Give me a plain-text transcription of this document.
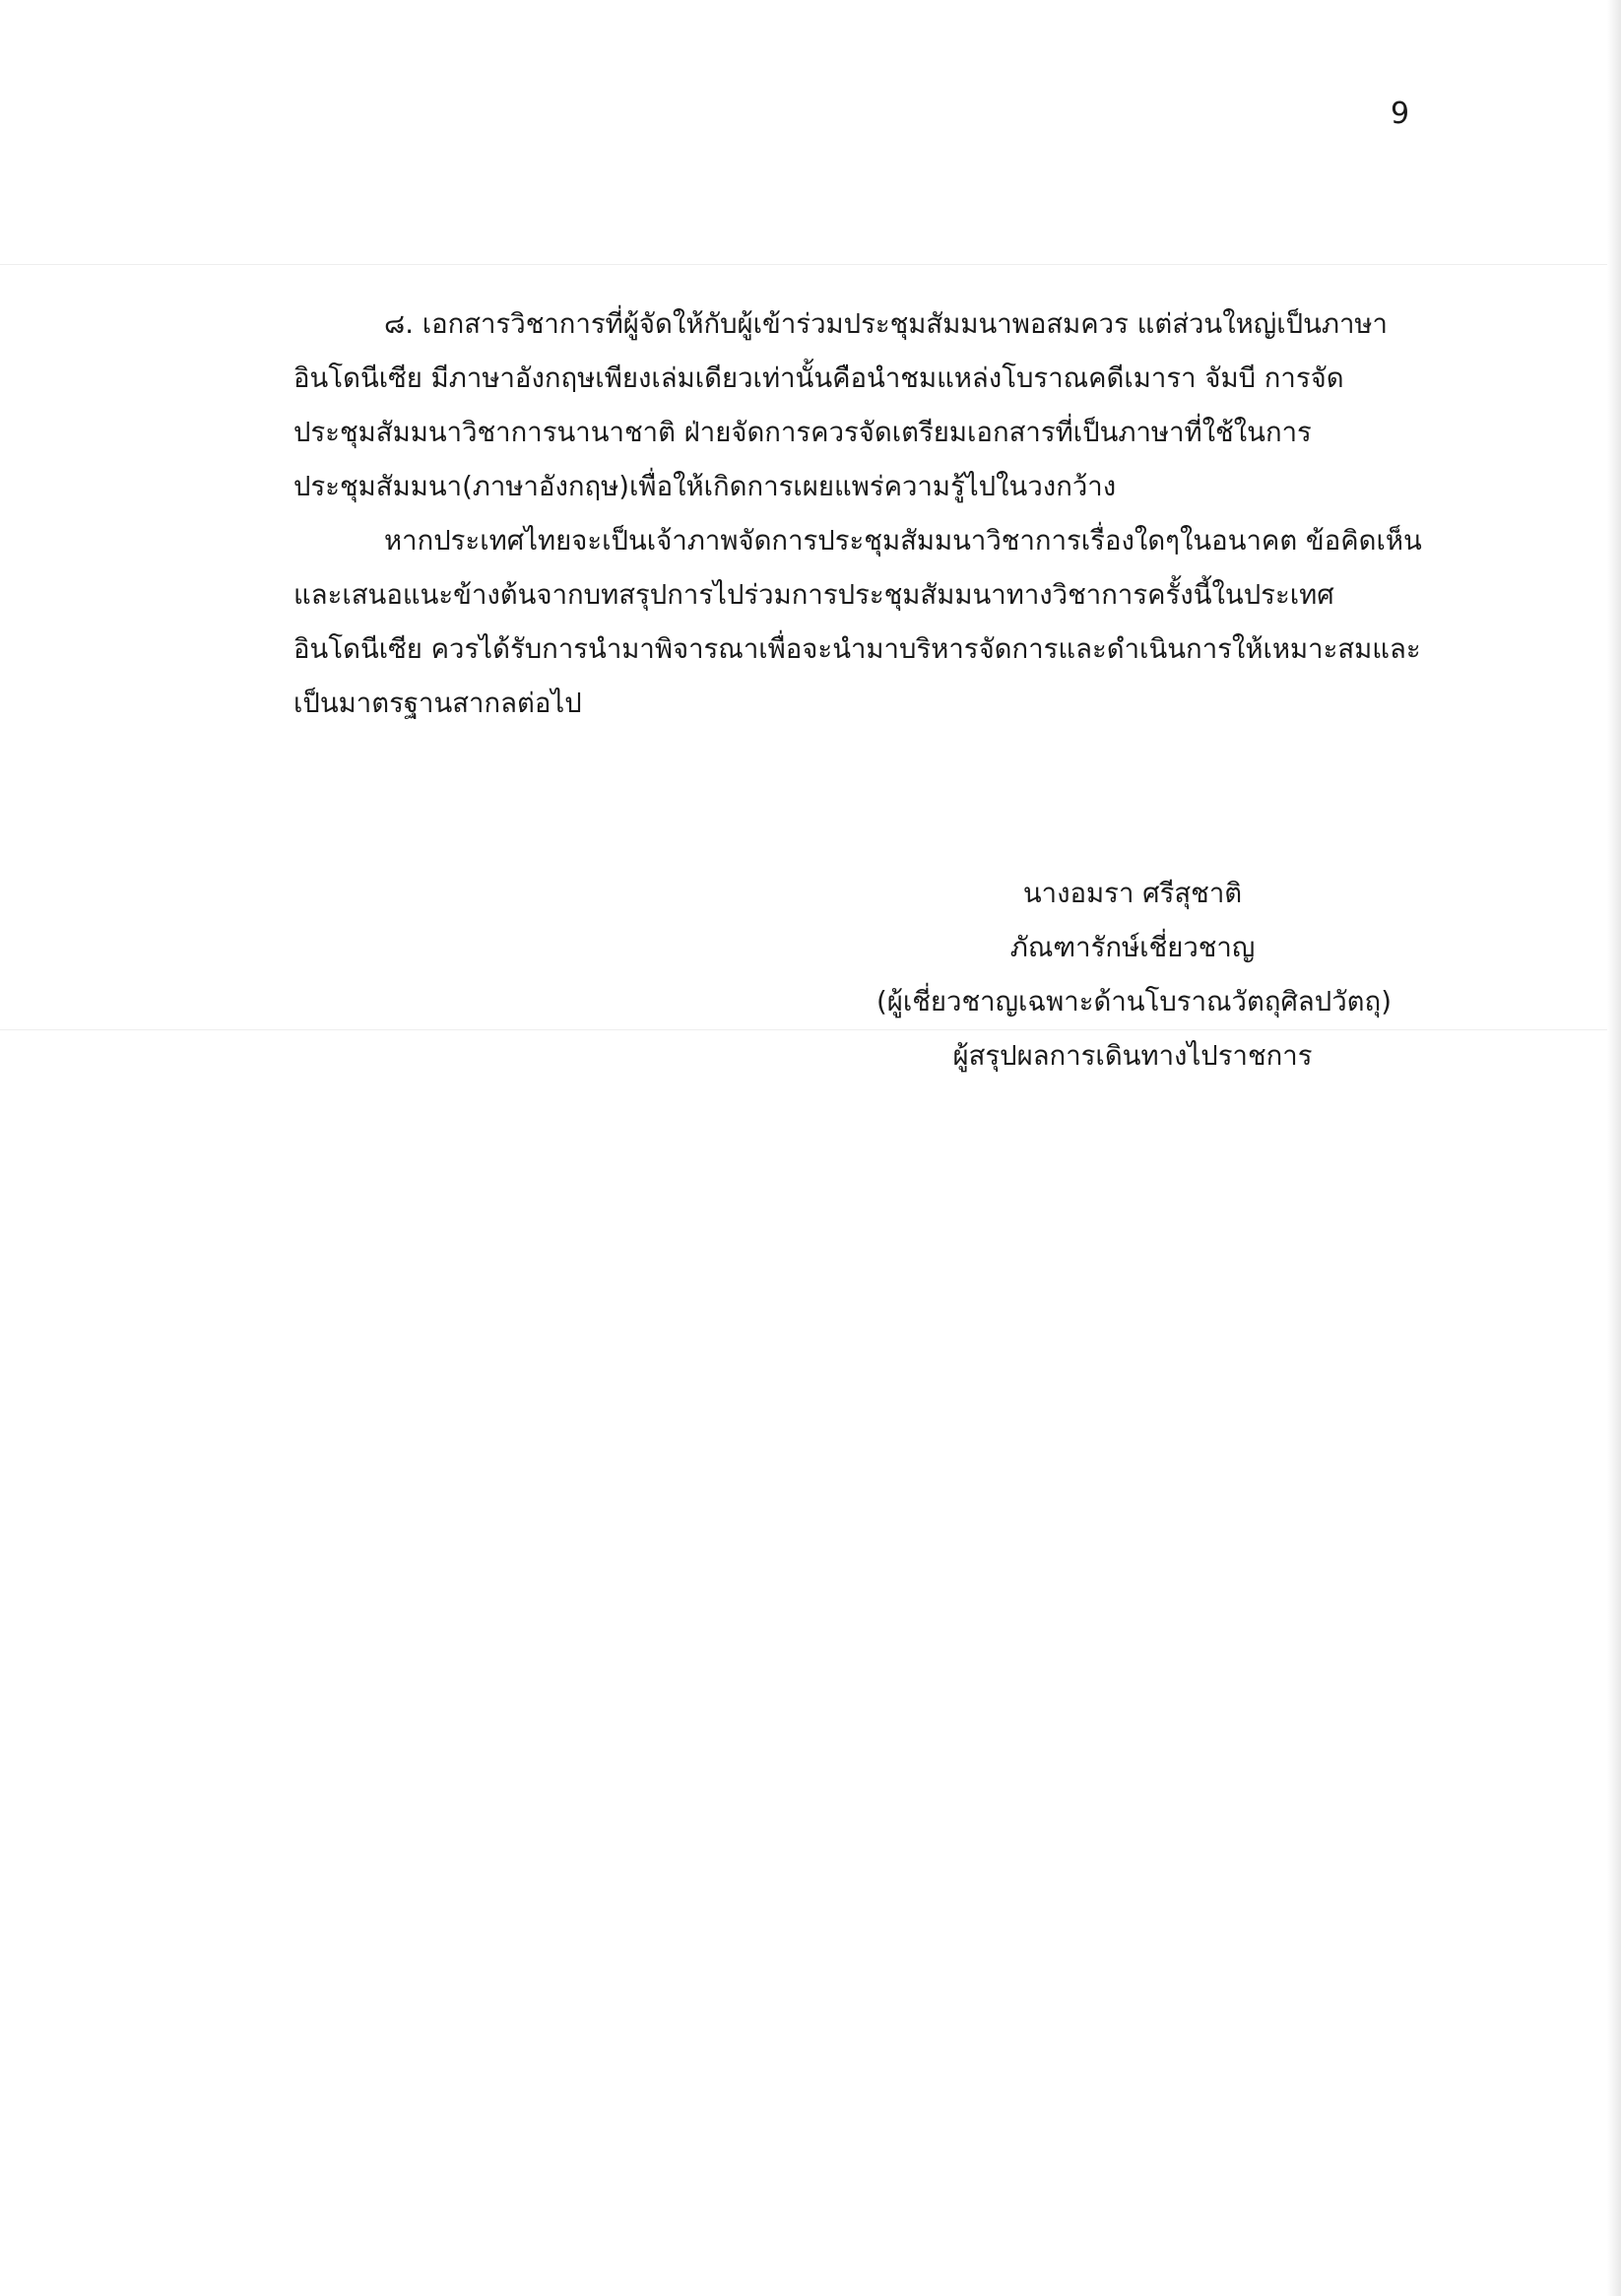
9
๘. เอกสารวิชาการที่ผู้จัดให้กับผู้เข้าร่วมประชุมสัมมนาพอสมควร แต่ส่วนใหญ่เป็นภาษา
อินโดนีเซีย มีภาษาอังกฤษเพียงเล่มเดียวเท่านั้นคือนำชมแหล่งโบราณคดีเมารา จัมบี การจัด
ประชุมสัมมนาวิชาการนานาชาติ ฝ่ายจัดการควรจัดเตรียมเอกสารที่เป็นภาษาที่ใช้ในการ
ประชุมสัมมนา(ภาษาอังกฤษ)เพื่อให้เกิดการเผยแพร่ความรู้ไปในวงกว้าง
หากประเทศไทยจะเป็นเจ้าภาพจัดการประชุมสัมมนาวิชาการเรื่องใดๆในอนาคต ข้อคิดเห็น
และเสนอแนะข้างต้นจากบทสรุปการไปร่วมการประชุมสัมมนาทางวิชาการครั้งนี้ในประเทศ
อินโดนีเซีย ควรได้รับการนำมาพิจารณาเพื่อจะนำมาบริหารจัดการและดำเนินการให้เหมาะสมและ
เป็นมาตรฐานสากลต่อไป
นางอมรา ศรีสุชาติ
ภัณฑารักษ์เชี่ยวชาญ
(ผู้เชี่ยวชาญเฉพาะด้านโบราณวัตถุศิลปวัตถุ)
ผู้สรุปผลการเดินทางไปราชการ
